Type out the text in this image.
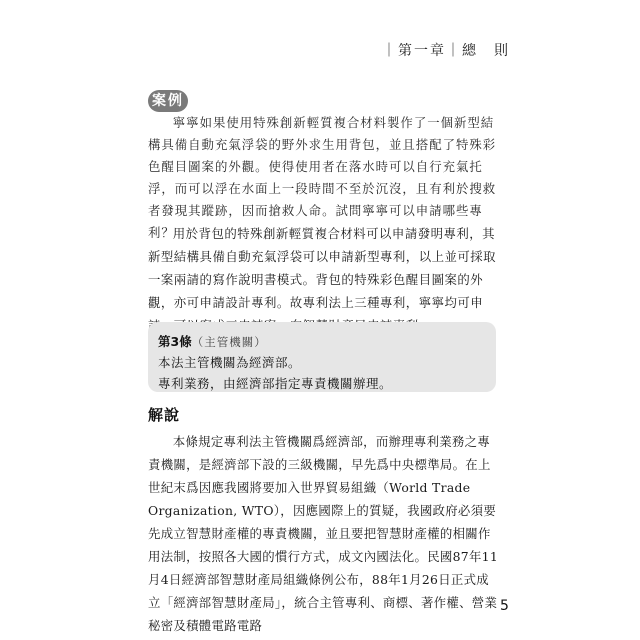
｜第一章｜總　則
案例

寧寧如果使用特殊創新輕質複合材料製作了一個新型結構具備自動充氣浮袋的野外求生用背包，並且搭配了特殊彩色醒目圖案的外觀。使得使用者在落水時可以自行充氣托浮，而可以浮在水面上一段時間不至於沉沒，且有利於搜救者發現其蹤跡，因而搶救人命。試問寧寧可以申請哪些專利？

用於背包的特殊創新輕質複合材料可以申請發明專利，其新型結構具備自動充氣浮袋可以申請新型專利，以上並可採取一案兩請的寫作說明書模式。背包的特殊彩色醒目圖案的外觀，亦可申請設計專利。故專利法上三種專利，寧寧均可申

第3條（主管機關）
本法主管機關為經濟部。
專利業務，由經濟部指定專責機關辦理。
解說

本條規定專利法主管機關爲經濟部，而辦理專利業務之專責機關，是經濟部下設的三級機關，早先爲中央標準局。在上世紀末爲因應我國將要加入世界貿易組織（World Trade Organization, WTO），因應國際上的質疑，我國政府必須要先成立智慧財產權的專責機關，並且要把智慧財產權的相關作用法制，按照各大國的慣行方式，成文內國法化。民國87年11月4日經濟部智慧財產局組織條例公布，88年1月26日正式成立「經濟部智慧財產局」，統合主管專利、商標、著作權、營業秘密及積體電路電路

5
